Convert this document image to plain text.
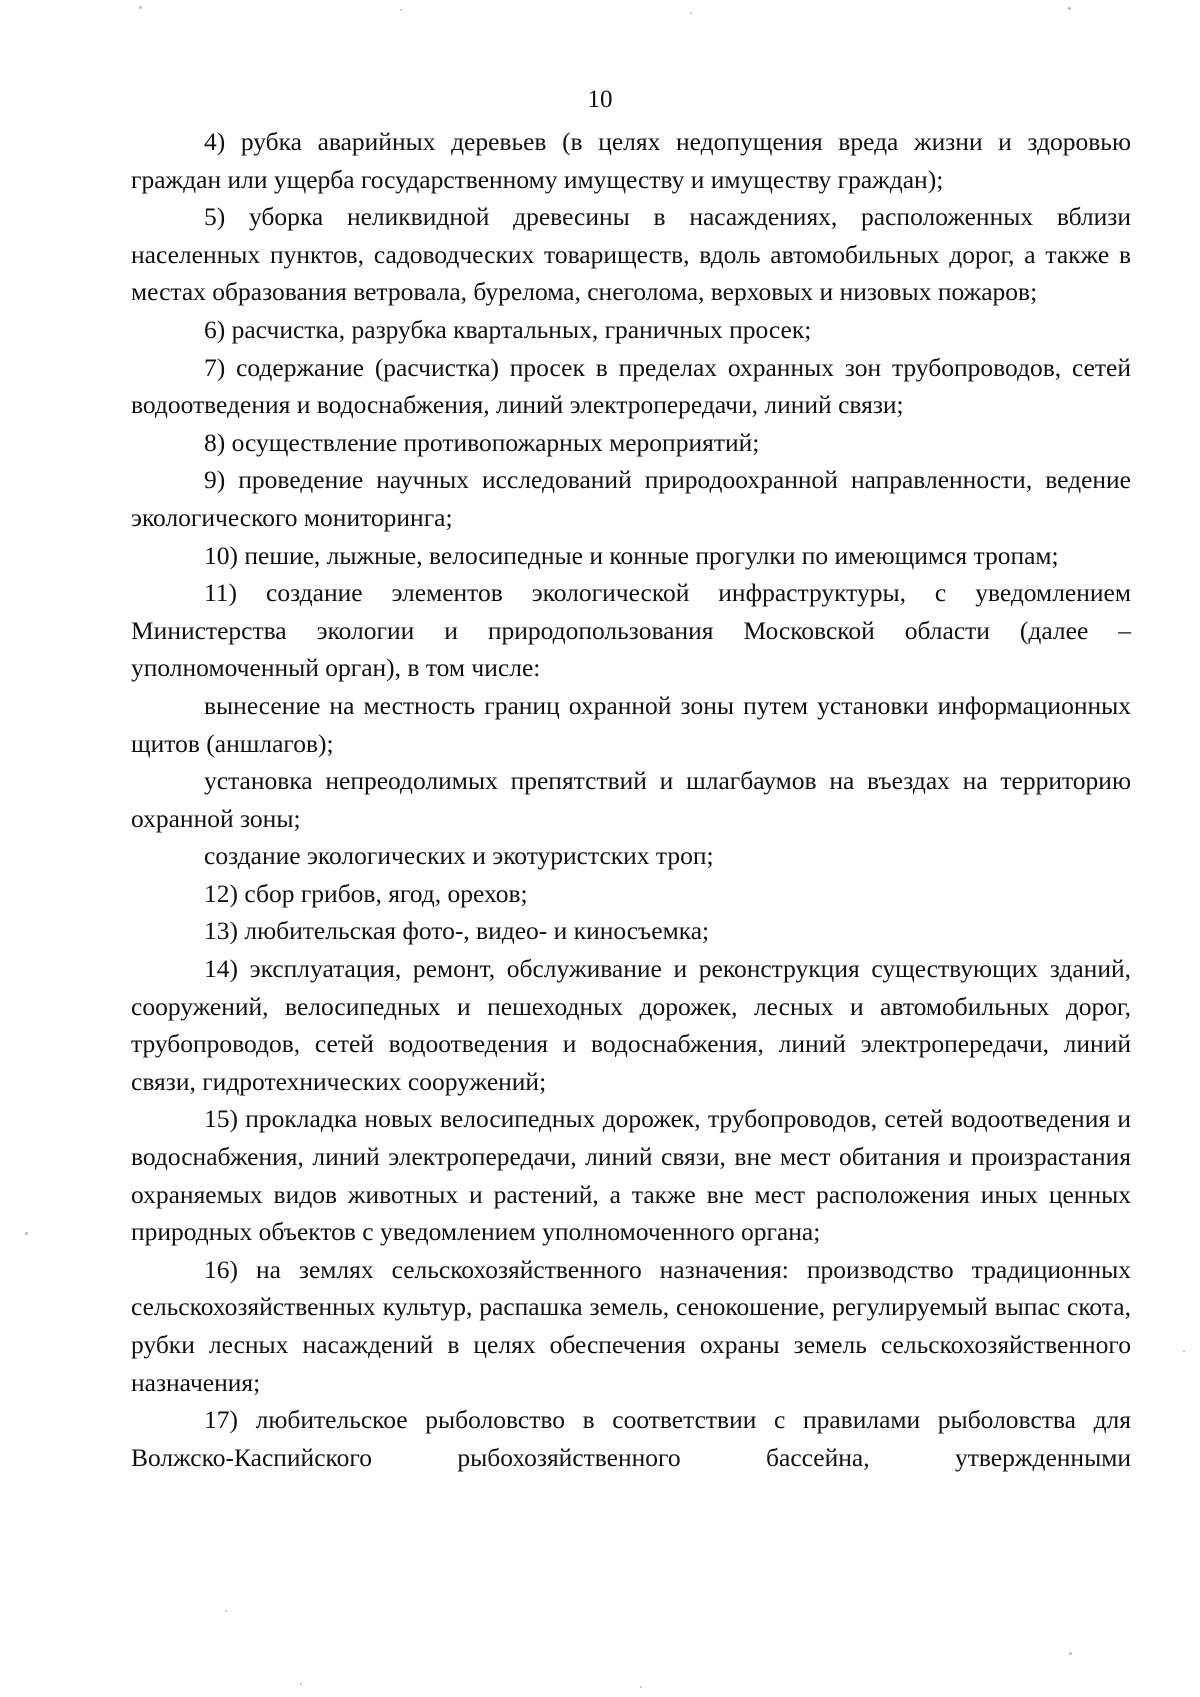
10

4) рубка аварийных деревьев (в целях недопущения вреда жизни и здоровью граждан или ущерба государственному имуществу и имуществу граждан);

5) уборка неликвидной древесины в насаждениях, расположенных вблизи населенных пунктов, садоводческих товариществ, вдоль автомобильных дорог, а также в местах образования ветровала, бурелома, снеголома, верховых и низовых пожаров;

6) расчистка, разрубка квартальных, граничных просек;

7) содержание (расчистка) просек в пределах охранных зон трубопроводов, сетей водоотведения и водоснабжения, линий электропередачи, линий связи;

8) осуществление противопожарных мероприятий;

9) проведение научных исследований природоохранной направленности, ведение экологического мониторинга;

10) пешие, лыжные, велосипедные и конные прогулки по имеющимся тропам;

11) создание элементов экологической инфраструктуры, с уведомлением Министерства экологии и природопользования Московской области (далее – уполномоченный орган), в том числе:

вынесение на местность границ охранной зоны путем установки информационных щитов (аншлагов);

установка непреодолимых препятствий и шлагбаумов на въездах на территорию охранной зоны;

создание экологических и экотуристских троп;

12) сбор грибов, ягод, орехов;

13) любительская фото-, видео- и киносъемка;

14) эксплуатация, ремонт, обслуживание и реконструкция существующих зданий, сооружений, велосипедных и пешеходных дорожек, лесных и автомобильных дорог, трубопроводов, сетей водоотведения и водоснабжения, линий электропередачи, линий связи, гидротехнических сооружений;

15) прокладка новых велосипедных дорожек, трубопроводов, сетей водоотведения и водоснабжения, линий электропередачи, линий связи, вне мест обитания и произрастания охраняемых видов животных и растений, а также вне мест расположения иных ценных природных объектов с уведомлением уполномоченного органа;

16) на землях сельскохозяйственного назначения: производство традиционных сельскохозяйственных культур, распашка земель, сенокошение, регулируемый выпас скота, рубки лесных насаждений в целях обеспечения охраны земель сельскохозяйственного назначения;

17) любительское рыболовство в соответствии с правилами рыболовства для Волжско-Каспийского рыбохозяйственного бассейна, утвержденными
